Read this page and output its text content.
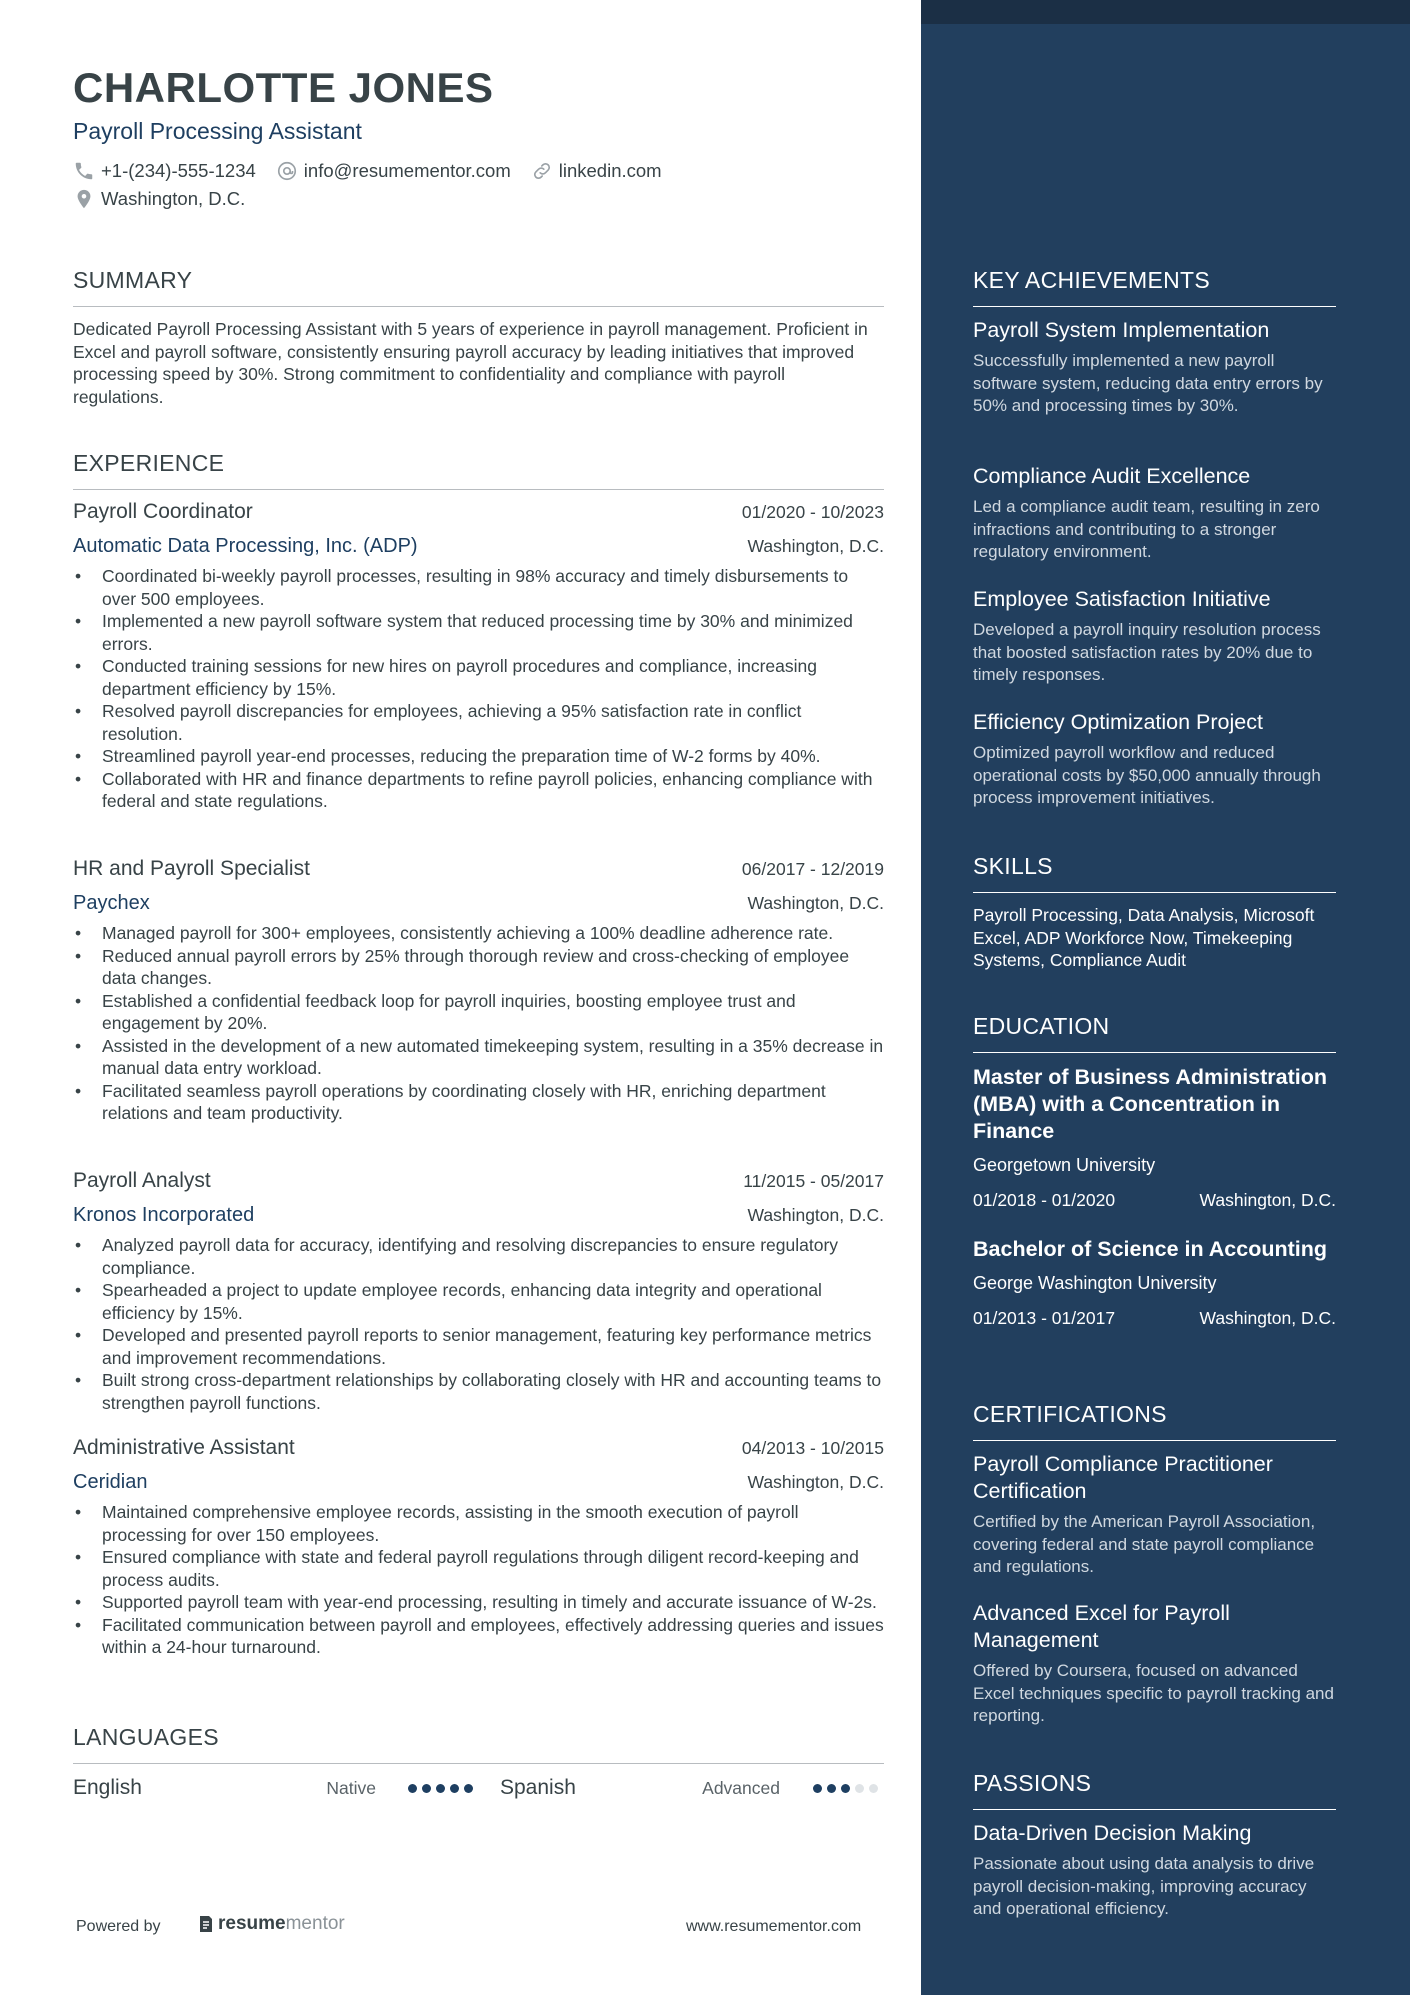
CHARLOTTE JONES
Payroll Processing Assistant
+1-(234)-555-1234	info@resumementor.com	linkedin.com
Washington, D.C.
SUMMARY
Dedicated Payroll Processing Assistant with 5 years of experience in payroll management. Proficient in Excel and payroll software, consistently ensuring payroll accuracy by leading initiatives that improved processing speed by 30%. Strong commitment to confidentiality and compliance with payroll regulations.
EXPERIENCE
Payroll Coordinator	01/2020 - 10/2023
Automatic Data Processing, Inc. (ADP)	Washington, D.C.
• Coordinated bi-weekly payroll processes, resulting in 98% accuracy and timely disbursements to over 500 employees.
• Implemented a new payroll software system that reduced processing time by 30% and minimized errors.
• Conducted training sessions for new hires on payroll procedures and compliance, increasing department efficiency by 15%.
• Resolved payroll discrepancies for employees, achieving a 95% satisfaction rate in conflict resolution.
• Streamlined payroll year-end processes, reducing the preparation time of W-2 forms by 40%.
• Collaborated with HR and finance departments to refine payroll policies, enhancing compliance with federal and state regulations.
HR and Payroll Specialist	06/2017 - 12/2019
Paychex	Washington, D.C.
• Managed payroll for 300+ employees, consistently achieving a 100% deadline adherence rate.
• Reduced annual payroll errors by 25% through thorough review and cross-checking of employee data changes.
• Established a confidential feedback loop for payroll inquiries, boosting employee trust and engagement by 20%.
• Assisted in the development of a new automated timekeeping system, resulting in a 35% decrease in manual data entry workload.
• Facilitated seamless payroll operations by coordinating closely with HR, enriching department relations and team productivity.
Payroll Analyst	11/2015 - 05/2017
Kronos Incorporated	Washington, D.C.
• Analyzed payroll data for accuracy, identifying and resolving discrepancies to ensure regulatory compliance.
• Spearheaded a project to update employee records, enhancing data integrity and operational efficiency by 15%.
• Developed and presented payroll reports to senior management, featuring key performance metrics and improvement recommendations.
• Built strong cross-department relationships by collaborating closely with HR and accounting teams to strengthen payroll functions.
Administrative Assistant	04/2013 - 10/2015
Ceridian	Washington, D.C.
• Maintained comprehensive employee records, assisting in the smooth execution of payroll processing for over 150 employees.
• Ensured compliance with state and federal payroll regulations through diligent record-keeping and process audits.
• Supported payroll team with year-end processing, resulting in timely and accurate issuance of W-2s.
• Facilitated communication between payroll and employees, effectively addressing queries and issues within a 24-hour turnaround.
LANGUAGES
English	Native	Spanish	Advanced
Powered by	resume mentor	www.resumementor.com
KEY ACHIEVEMENTS
Payroll System Implementation
Successfully implemented a new payroll software system, reducing data entry errors by 50% and processing times by 30%.
Compliance Audit Excellence
Led a compliance audit team, resulting in zero infractions and contributing to a stronger regulatory environment.
Employee Satisfaction Initiative
Developed a payroll inquiry resolution process that boosted satisfaction rates by 20% due to timely responses.
Efficiency Optimization Project
Optimized payroll workflow and reduced operational costs by $50,000 annually through process improvement initiatives.
SKILLS
Payroll Processing, Data Analysis, Microsoft Excel, ADP Workforce Now, Timekeeping Systems, Compliance Audit
EDUCATION
Master of Business Administration (MBA) with a Concentration in Finance
Georgetown University
01/2018 - 01/2020	Washington, D.C.
Bachelor of Science in Accounting
George Washington University
01/2013 - 01/2017	Washington, D.C.
CERTIFICATIONS
Payroll Compliance Practitioner Certification
Certified by the American Payroll Association, covering federal and state payroll compliance and regulations.
Advanced Excel for Payroll Management
Offered by Coursera, focused on advanced Excel techniques specific to payroll tracking and reporting.
PASSIONS
Data-Driven Decision Making
Passionate about using data analysis to drive payroll decision-making, improving accuracy and operational efficiency.
